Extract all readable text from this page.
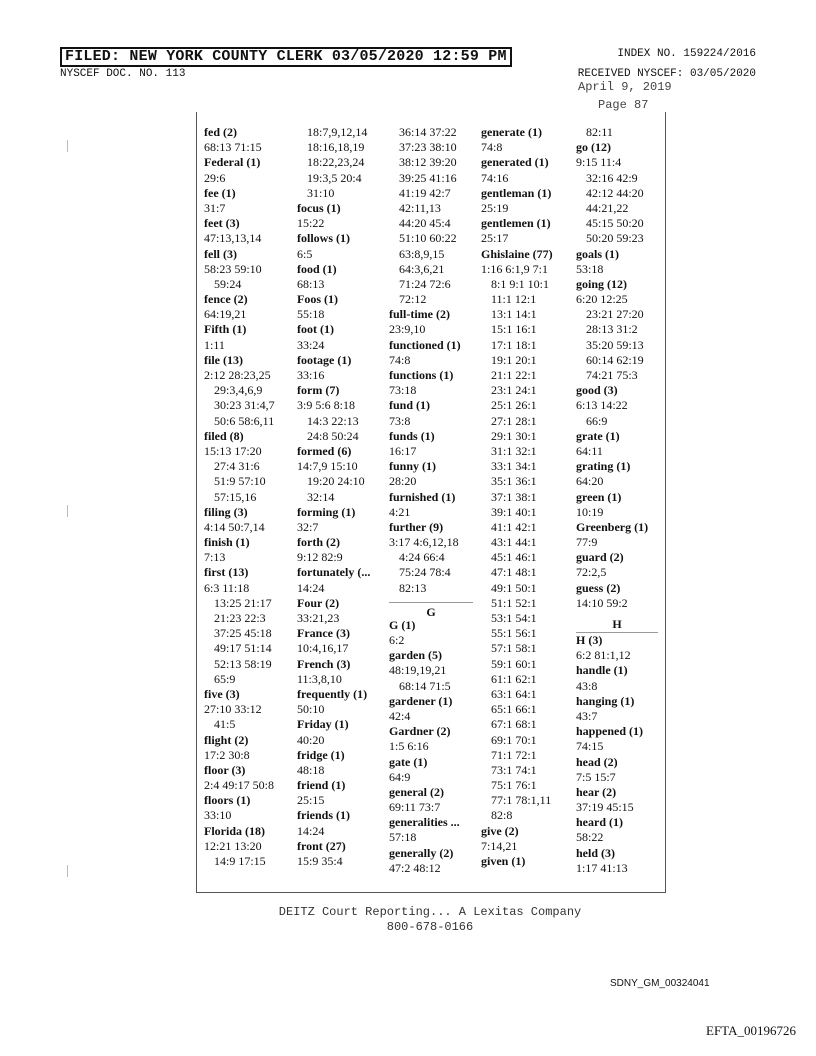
FILED: NEW YORK COUNTY CLERK 03/05/2020 12:59 PM
NYSCEF DOC. NO. 113
INDEX NO. 159224/2016
RECEIVED NYSCEF: 03/05/2020
April 9, 2019
Page 87
fed (2)
68:13 71:15
Federal (1)
29:6
fee (1)
31:7
feet (3)
47:13,13,14
fell (3)
58:23 59:10
59:24
fence (2)
64:19,21
Fifth (1)
1:11
file (13)
2:12 28:23,25
29:3,4,6,9
30:23 31:4,7
50:6 58:6,11
filed (8)
15:13 17:20
27:4 31:6
51:9 57:10
57:15,16
filing (3)
4:14 50:7,14
finish (1)
7:13
first (13)
6:3 11:18
13:25 21:17
21:23 22:3
37:25 45:18
49:17 51:14
52:13 58:19
65:9
five (3)
27:10 33:12
41:5
flight (2)
17:2 30:8
floor (3)
2:4 49:17 50:8
floors (1)
33:10
Florida (18)
12:21 13:20
14:9 17:15
18:7,9,12,14
18:16,18,19
18:22,23,24
19:3,5 20:4
31:10
focus (1)
15:22
follows (1)
6:5
food (1)
68:13
Foos (1)
55:18
foot (1)
33:24
footage (1)
33:16
form (7)
3:9 5:6 8:18
14:3 22:13
24:8 50:24
formed (6)
14:7,9 15:10
19:20 24:10
32:14
forming (1)
32:7
forth (2)
9:12 82:9
fortunately (...
14:24
Four (2)
33:21,23
France (3)
10:4,16,17
French (3)
11:3,8,10
frequently (1)
50:10
Friday (1)
40:20
fridge (1)
48:18
friend (1)
25:15
friends (1)
14:24
front (27)
15:9 35:4
36:14 37:22
37:23 38:10
38:12 39:20
39:25 41:16
41:19 42:7
42:11,13
44:20 45:4
51:10 60:22
63:8,9,15
64:3,6,21
71:24 72:6
72:12
full-time (2)
23:9,10
functioned (1)
74:8
functions (1)
73:18
fund (1)
73:8
funds (1)
16:17
funny (1)
28:20
furnished (1)
4:21
further (9)
3:17 4:6,12,18
4:24 66:4
75:24 78:4
82:13
G
G (1)
6:2
garden (5)
48:19,19,21
68:14 71:5
gardener (1)
42:4
Gardner (2)
1:5 6:16
gate (1)
64:9
general (2)
69:11 73:7
generalities ...
57:18
generally (2)
47:2 48:12
generate (1)
74:8
generated (1)
74:16
gentleman (1)
25:19
gentlemen (1)
25:17
Ghislaine (77)
1:16 6:1,9 7:1
8:1 9:1 10:1
11:1 12:1
13:1 14:1
15:1 16:1
17:1 18:1
19:1 20:1
21:1 22:1
23:1 24:1
25:1 26:1
27:1 28:1
29:1 30:1
31:1 32:1
33:1 34:1
35:1 36:1
37:1 38:1
39:1 40:1
41:1 42:1
43:1 44:1
45:1 46:1
47:1 48:1
49:1 50:1
51:1 52:1
53:1 54:1
55:1 56:1
57:1 58:1
59:1 60:1
61:1 62:1
63:1 64:1
65:1 66:1
67:1 68:1
69:1 70:1
71:1 72:1
73:1 74:1
75:1 76:1
77:1 78:1,11
82:8
give (2)
7:14,21
given (1)
82:11
go (12)
9:15 11:4
32:16 42:9
42:12 44:20
44:21,22
45:15 50:20
50:20 59:23
goals (1)
53:18
going (12)
6:20 12:25
23:21 27:20
28:13 31:2
35:20 59:13
60:14 62:19
74:21 75:3
good (3)
6:13 14:22
66:9
grate (1)
64:11
grating (1)
64:20
green (1)
10:19
Greenberg (1)
77:9
guard (2)
72:2,5
guess (2)
14:10 59:2
H
H (3)
6:2 81:1,12
handle (1)
43:8
hanging (1)
43:7
happened (1)
74:15
head (2)
7:5 15:7
hear (2)
37:19 45:15
heard (1)
58:22
held (3)
1:17 41:13
DEITZ Court Reporting... A Lexitas Company
800-678-0166
SDNY_GM_00324041
EFTA_00196726
